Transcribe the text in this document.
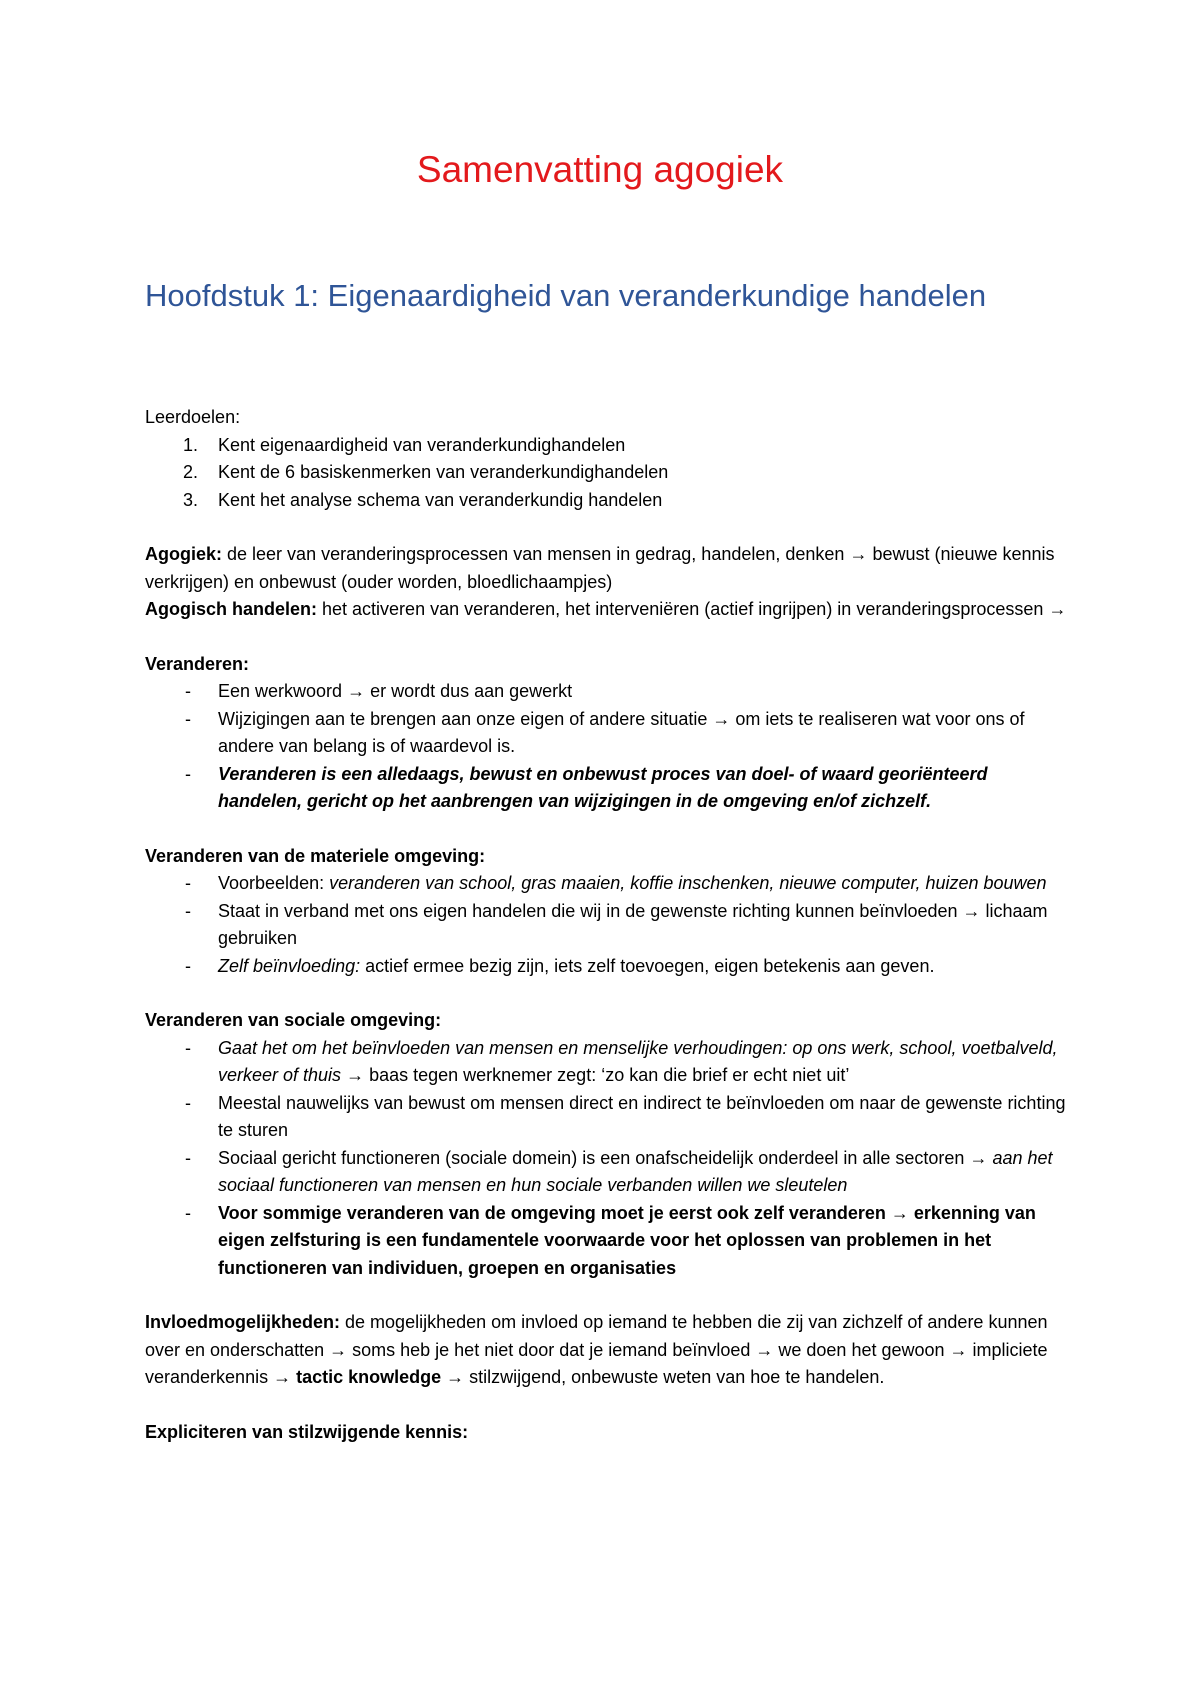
Samenvatting agogiek
Hoofdstuk 1: Eigenaardigheid van veranderkundige handelen

Leerdoelen:

1.	Kent eigenaardigheid van veranderkundighandelen
2.	Kent de 6 basiskenmerken van veranderkundighandelen
3.	Kent het analyse schema van veranderkundig handelen

Agogiek: de leer van veranderingsprocessen van mensen in gedrag, handelen, denken → bewust (nieuwe kennis verkrijgen) en onbewust (ouder worden, bloedlichaampjes)

Agogisch handelen: het activeren van veranderen, het interveniëren (actief ingrijpen) in veranderingsprocessen →

Veranderen:

- Een werkwoord → er wordt dus aan gewerkt
- Wijzigingen aan te brengen aan onze eigen of andere situatie → om iets te realiseren wat voor ons of andere van belang is of waardevol is.
- Veranderen is een alledaags, bewust en onbewust proces van doel- of waard georiënteerd handelen, gericht op het aanbrengen van wijzigingen in de omgeving en/of zichzelf.

Veranderen van de materiele omgeving:

- Voorbeelden: veranderen van school, gras maaien, koffie inschenken, nieuwe computer, huizen bouwen
- Staat in verband met ons eigen handelen die wij in de gewenste richting kunnen beïnvloeden → lichaam gebruiken
- Zelf beïnvloeding: actief ermee bezig zijn, iets zelf toevoegen, eigen betekenis aan geven.

Veranderen van sociale omgeving:

- Gaat het om het beïnvloeden van mensen en menselijke verhoudingen: op ons werk, school, voetbalveld, verkeer of thuis → baas tegen werknemer zegt: ‘zo kan die brief er echt niet uit’
- Meestal nauwelijks van bewust om mensen direct en indirect te beïnvloeden om naar de gewenste richting te sturen
- Sociaal gericht functioneren (sociale domein) is een onafscheidelijk onderdeel in alle sectoren → aan het sociaal functioneren van mensen en hun sociale verbanden willen we sleutelen
- Voor sommige veranderen van de omgeving moet je eerst ook zelf veranderen → erkenning van eigen zelfsturing is een fundamentele voorwaarde voor het oplossen van problemen in het functioneren van individuen, groepen en organisaties

Invloedmogelijkheden: de mogelijkheden om invloed op iemand te hebben die zij van zichzelf of andere kunnen over en onderschatten → soms heb je het niet door dat je iemand beïnvloed → we doen het gewoon → impliciete veranderkennis → tactic knowledge → stilzwijgend, onbewuste weten van hoe te handelen.

Expliciteren van stilzwijgende kennis:
